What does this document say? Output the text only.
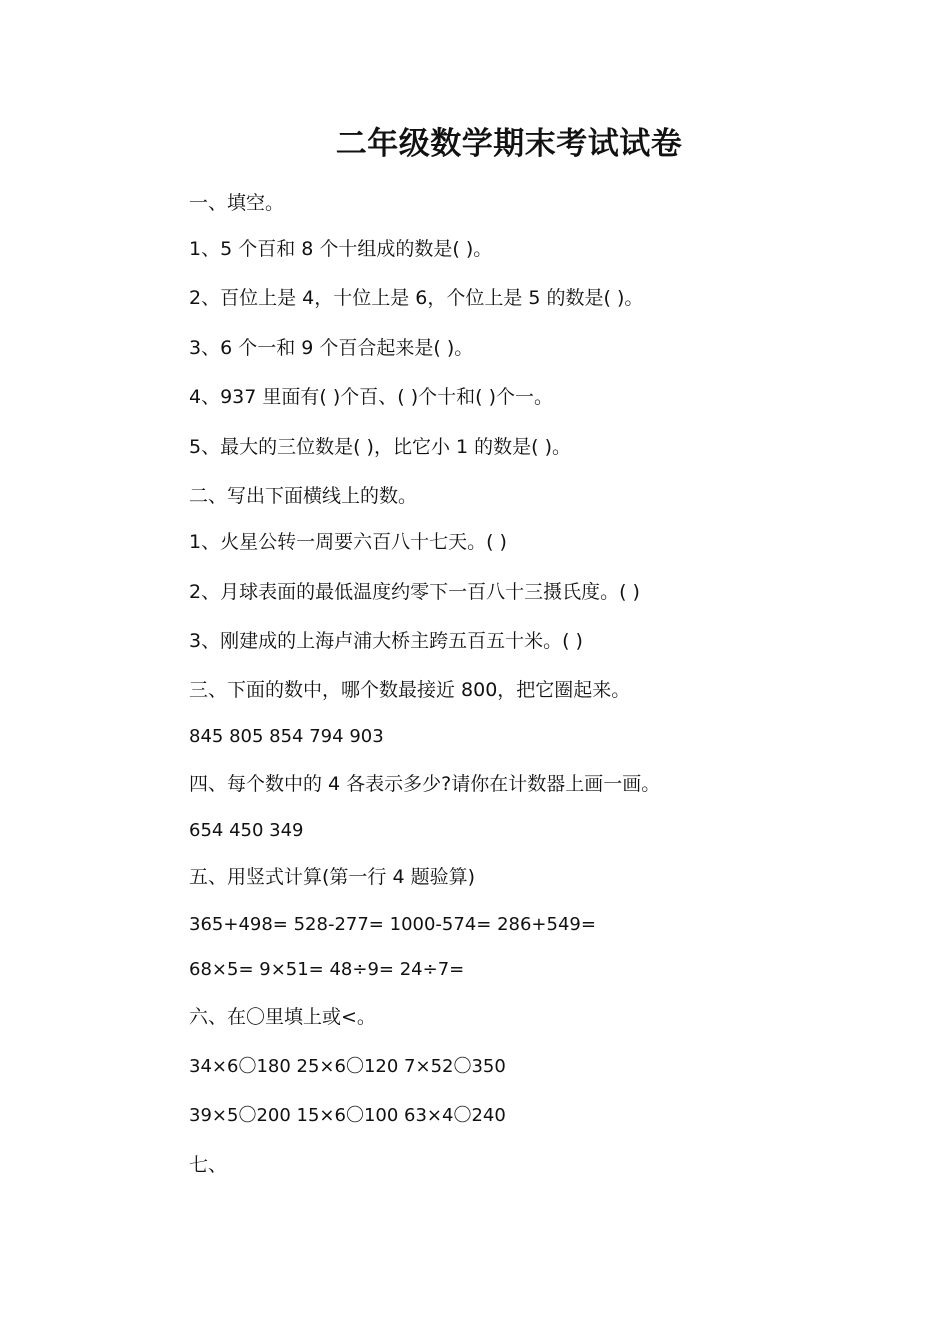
二年级数学期末考试试卷
一、填空。
1、5 个百和 8 个十组成的数是( )。
2、百位上是 4，十位上是 6，个位上是 5 的数是( )。
3、6 个一和 9 个百合起来是( )。
4、937 里面有( )个百、( )个十和( )个一。
5、最大的三位数是( )，比它小 1 的数是( )。
二、写出下面横线上的数。
1、火星公转一周要六百八十七天。( )
2、月球表面的最低温度约零下一百八十三摄氏度。( )
3、刚建成的上海卢浦大桥主跨五百五十米。( )
三、下面的数中，哪个数最接近 800，把它圈起来。
845 805 854 794 903
四、每个数中的 4 各表示多少?请你在计数器上画一画。
654 450 349
五、用竖式计算(第一行 4 题验算)
365+498= 528-277= 1000-574= 286+549=
68×5= 9×51= 48÷9= 24÷7=
六、在〇里填上或<。
34×6〇180 25×6〇120 7×52〇350
39×5〇200 15×6〇100 63×4〇240
七、
